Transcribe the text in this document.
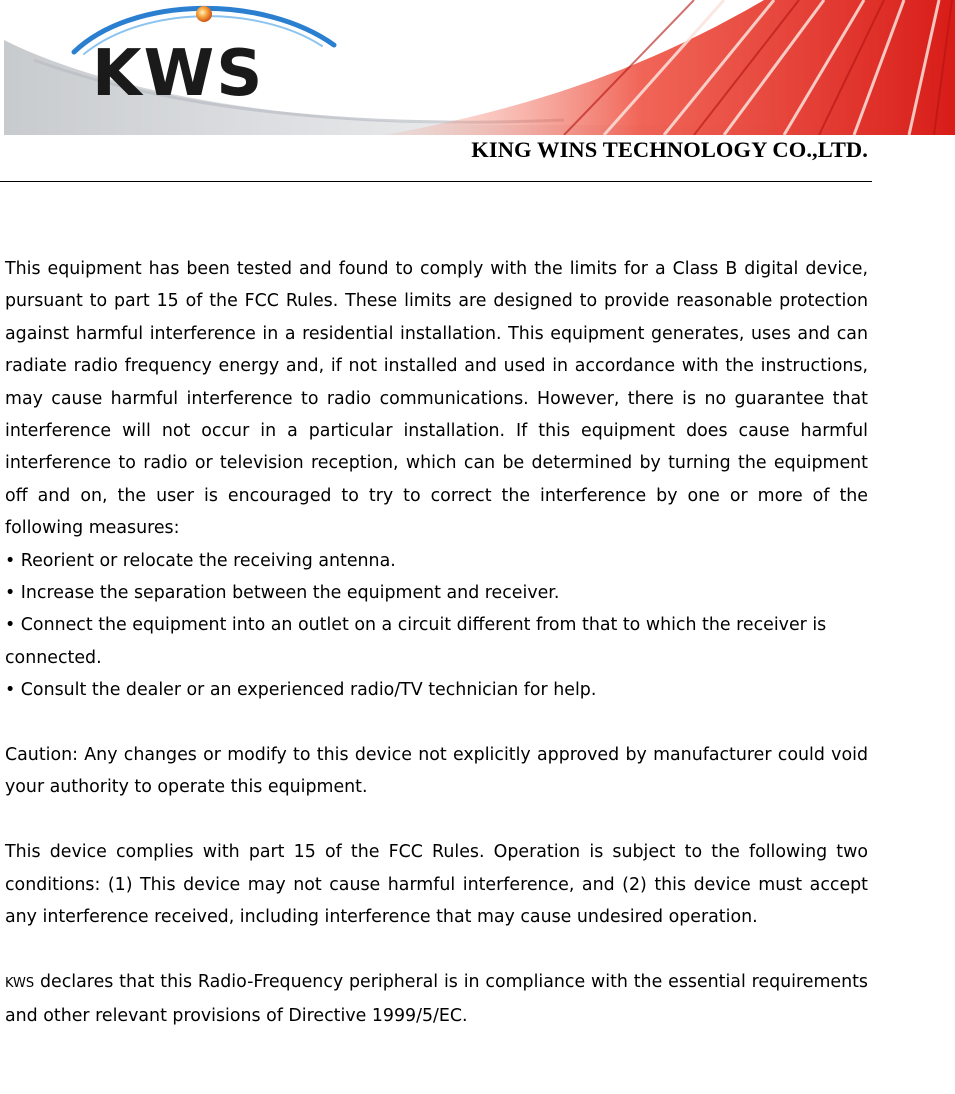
KWS
KING WINS TECHNOLOGY CO.,LTD.

This equipment has been tested and found to comply with the limits for a Class B digital device, pursuant to part 15 of the FCC Rules. These limits are designed to provide reasonable protection against harmful interference in a residential installation. This equipment generates, uses and can radiate radio frequency energy and, if not installed and used in accordance with the instructions, may cause harmful interference to radio communications. However, there is no guarantee that interference will not occur in a particular installation. If this equipment does cause harmful interference to radio or television reception, which can be determined by turning the equipment off and on, the user is encouraged to try to correct the interference by one or more of the following measures:

• Reorient or relocate the receiving antenna.

• Increase the separation between the equipment and receiver.

• Connect the equipment into an outlet on a circuit different from that to which the receiver is connected.

• Consult the dealer or an experienced radio/TV technician for help.

Caution: Any changes or modify to this device not explicitly approved by manufacturer could void your authority to operate this equipment.

This device complies with part 15 of the FCC Rules. Operation is subject to the following two conditions: (1) This device may not cause harmful interference, and (2) this device must accept any interference received, including interference that may cause undesired operation.

KWS declares that this Radio-Frequency peripheral is in compliance with the essential requirements and other relevant provisions of Directive 1999/5/EC.
